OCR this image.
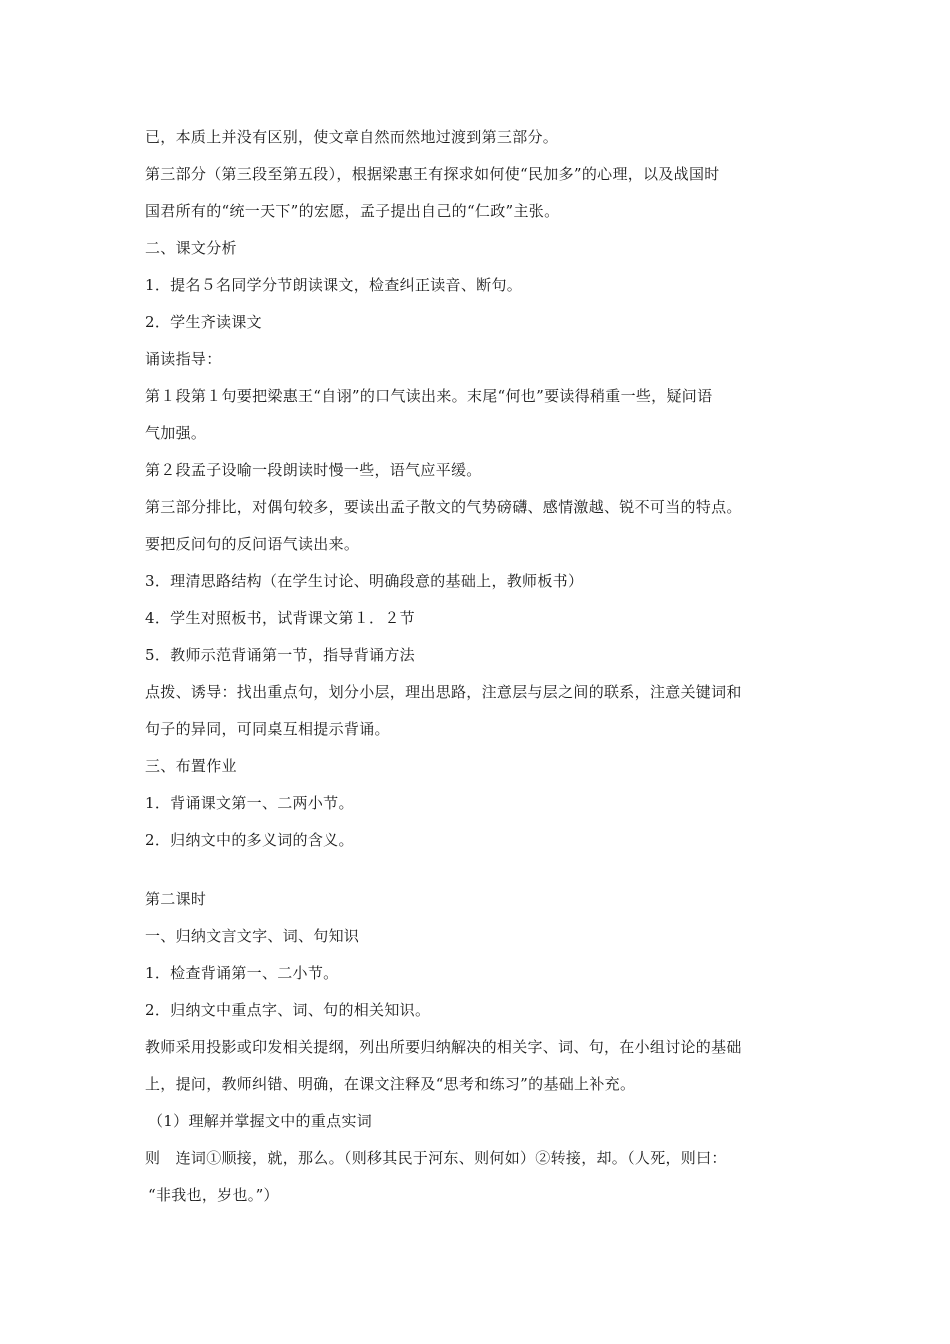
已，本质上并没有区别，使文章自然而然地过渡到第三部分。
第三部分（第三段至第五段），根据梁惠王有探求如何使“民加多”的心理，以及战国时
国君所有的“统一天下”的宏愿，孟子提出自己的“仁政”主张。
二、课文分析
1．提名５名同学分节朗读课文，检查纠正读音、断句。
2．学生齐读课文
诵读指导：
第１段第１句要把梁惠王“自诩”的口气读出来。末尾“何也”要读得稍重一些，疑问语
气加强。
第２段孟子设喻一段朗读时慢一些，语气应平缓。
第三部分排比，对偶句较多，要读出孟子散文的气势磅礴、感情激越、锐不可当的特点。
要把反问句的反问语气读出来。
3．理清思路结构（在学生讨论、明确段意的基础上，教师板书）
4．学生对照板书，试背课文第１．２节
5．教师示范背诵第一节，指导背诵方法
点拨、诱导：找出重点句，划分小层，理出思路，注意层与层之间的联系，注意关键词和
句子的异同，可同桌互相提示背诵。
三、布置作业
1．背诵课文第一、二两小节。
2．归纳文中的多义词的含义。
第二课时
一、归纳文言文字、词、句知识
1．检查背诵第一、二小节。
2．归纳文中重点字、词、句的相关知识。
教师采用投影或印发相关提纲，列出所要归纳解决的相关字、词、句，在小组讨论的基础
上，提问，教师纠错、明确，在课文注释及“思考和练习”的基础上补充。
（1）理解并掌握文中的重点实词
则　连词①顺接，就，那么。（则移其民于河东、则何如）②转接，却。（人死，则曰：
“非我也，岁也。”）
